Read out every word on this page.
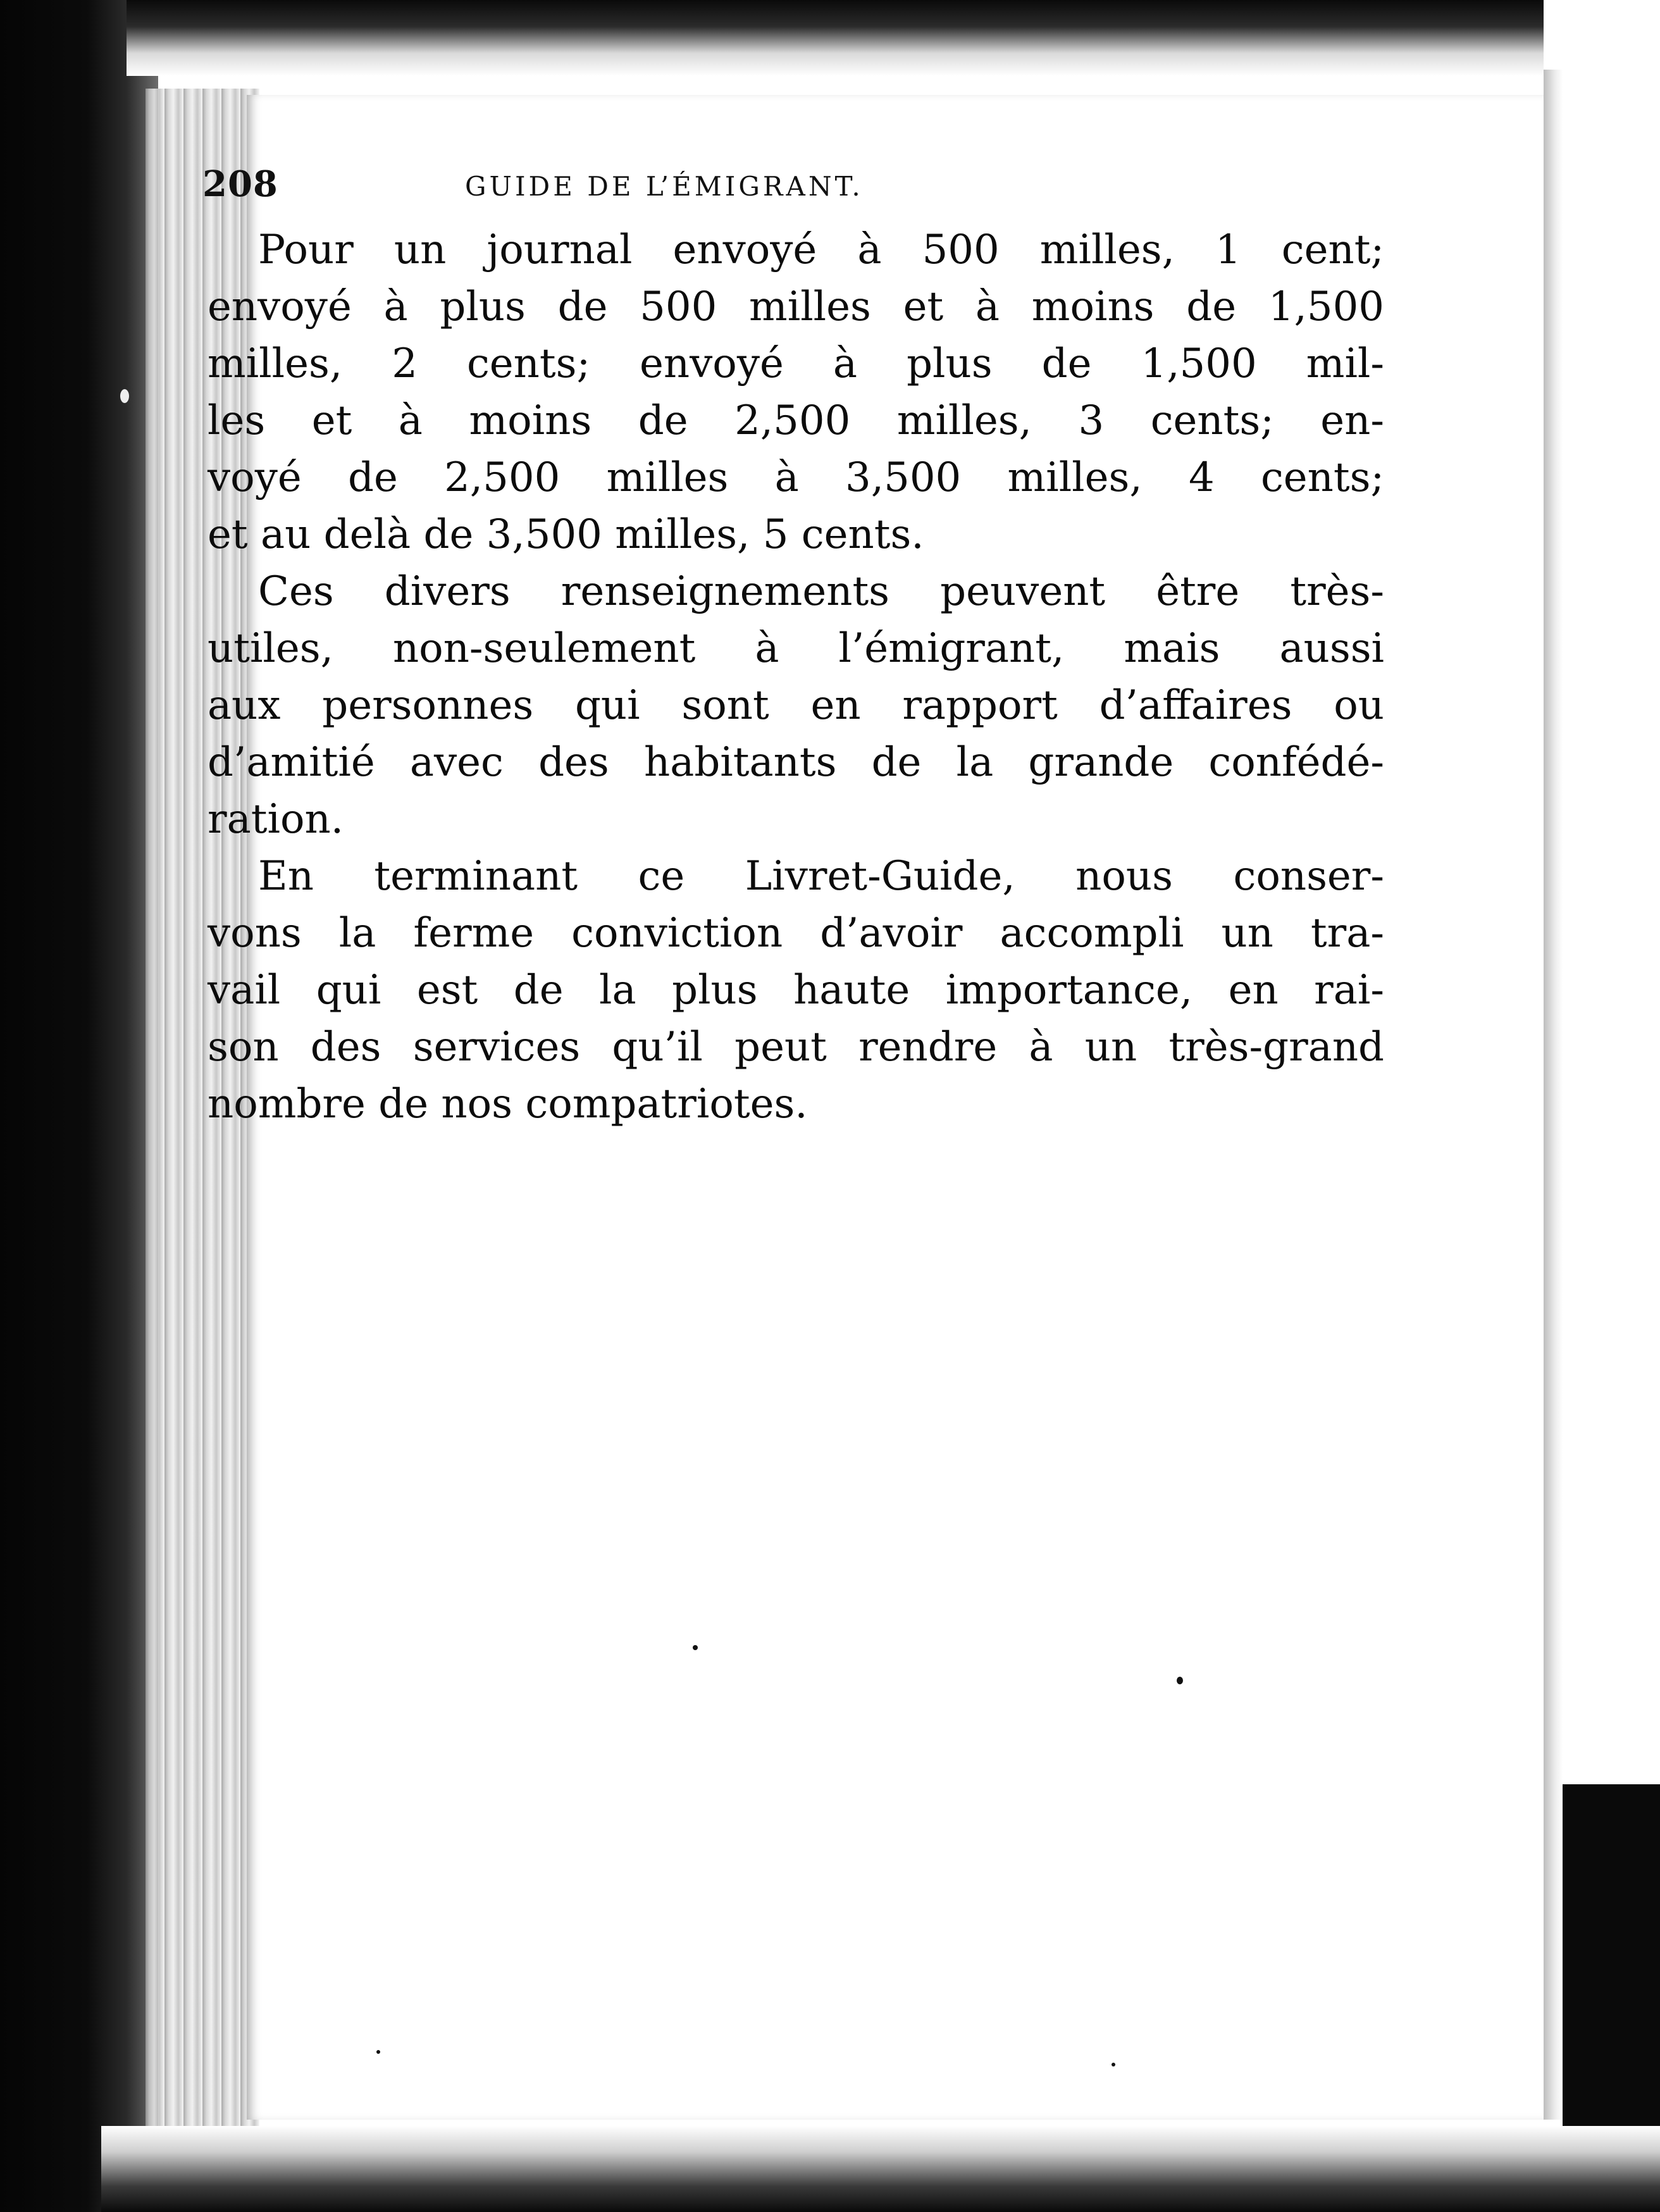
208	GUIDE DE L’ÉMIGRANT.
Pour un journal envoyé à 500 milles, 1 cent;
envoyé à plus de 500 milles et à moins de 1,500
milles, 2 cents; envoyé à plus de 1,500 mil-
les et à moins de 2,500 milles, 3 cents; en-
voyé de 2,500 milles à 3,500 milles, 4 cents;
et au delà de 3,500 milles, 5 cents.
Ces divers renseignements peuvent être très-
utiles, non-seulement à l’émigrant, mais aussi
aux personnes qui sont en rapport d’affaires ou
d’amitié avec des habitants de la grande confédé-
ration.
En terminant ce Livret-Guide, nous conser-
vons la ferme conviction d’avoir accompli un tra-
vail qui est de la plus haute importance, en rai-
son des services qu’il peut rendre à un très-grand
nombre de nos compatriotes.
